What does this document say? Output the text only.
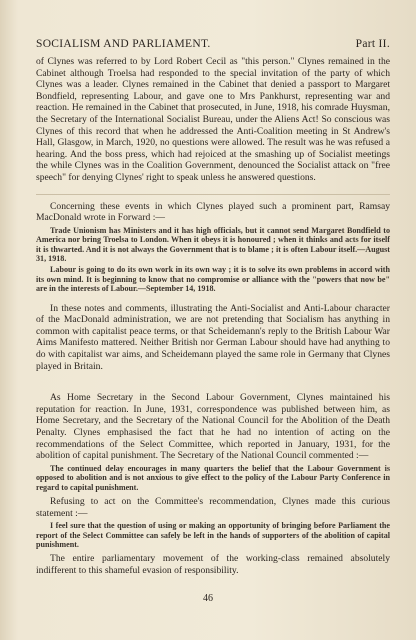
SOCIALISM AND PARLIAMENT.	Part II.

of Clynes was referred to by Lord Robert Cecil as "this person." Clynes remained in the Cabinet although Troelsa had responded to the special invitation of the party of which Clynes was a leader. Clynes remained in the Cabinet that denied a passport to Margaret Bondfield, representing Labour, and gave one to Mrs Pankhurst, representing war and reaction. He remained in the Cabinet that prosecuted, in June, 1918, his comrade Huysman, the Secretary of the International Socialist Bureau, under the Aliens Act! So conscious was Clynes of this record that when he addressed the Anti-Coalition meeting in St Andrew's Hall, Glasgow, in March, 1920, no questions were allowed. The result was he was refused a hearing. And the boss press, which had rejoiced at the smashing up of Socialist meetings the while Clynes was in the Coalition Government, denounced the Socialist attack on "free speech" for denying Clynes' right to speak unless he answered questions.

Concerning these events in which Clynes played such a prominent part, Ramsay MacDonald wrote in Forward :—

Trade Unionism has Ministers and it has high officials, but it cannot send Margaret Bondfield to America nor bring Troelsa to London. When it obeys it is honoured ; when it thinks and acts for itself it is thwarted. And it is not always the Government that is to blame ; it is often Labour itself.—August 31, 1918.
Labour is going to do its own work in its own way ; it is to solve its own problems in accord with its own mind. It is beginning to know that no compromise or alliance with the "powers that now be" are in the interests of Labour.—September 14, 1918.

In these notes and comments, illustrating the Anti-Socialist and Anti-Labour character of the MacDonald administration, we are not pretending that Socialism has anything in common with capitalist peace terms, or that Scheidemann's reply to the British Labour War Aims Manifesto mattered. Neither British nor German Labour should have had anything to do with capitalist war aims, and Scheidemann played the same role in Germany that Clynes played in Britain.

As Home Secretary in the Second Labour Government, Clynes maintained his reputation for reaction. In June, 1931, correspondence was published between him, as Home Secretary, and the Secretary of the National Council for the Abolition of the Death Penalty. Clynes emphasised the fact that he had no intention of acting on the recommendations of the Select Committee, which reported in January, 1931, for the abolition of capital punishment. The Secretary of the National Council commented :—

The continued delay encourages in many quarters the belief that the Labour Government is opposed to abolition and is not anxious to give effect to the policy of the Labour Party Conference in regard to capital punishment.

Refusing to act on the Committee's recommendation, Clynes made this curious statement :—

I feel sure that the question of using or making an opportunity of bringing before Parliament the report of the Select Committee can safely be left in the hands of supporters of the abolition of capital punishment.

The entire parliamentary movement of the working-class remained absolutely indifferent to this shameful evasion of responsibility.

46
